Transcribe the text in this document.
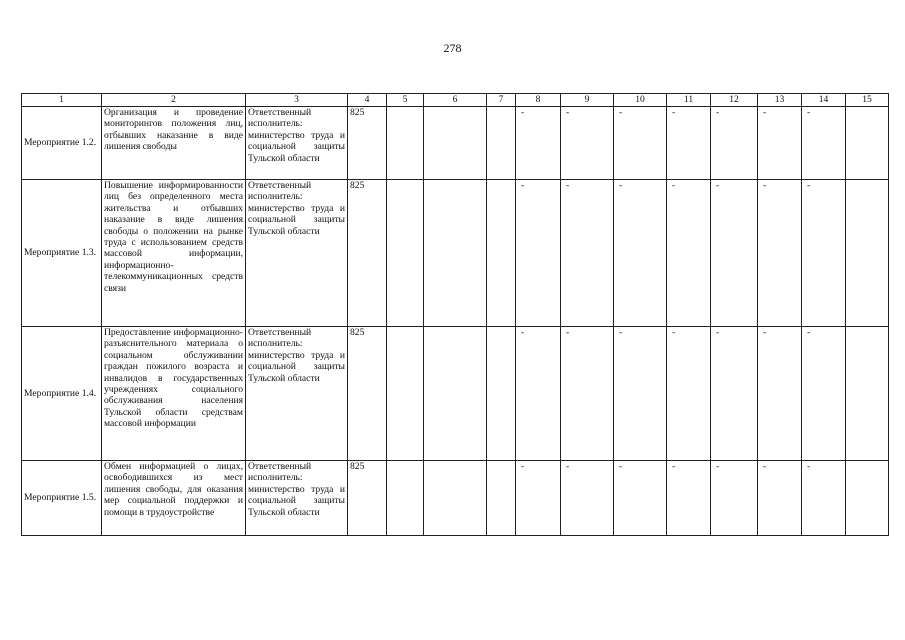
278
1	2	3	4	5	6	7	8	9	10	11	12	13	14	15
Мероприятие 1.2.	Организация и проведение мониторингов положения лиц, отбывших наказание в виде лишения свободы	Ответственный исполнитель: министерство труда и социальной защиты Тульской области	825				-	-	-	-	-	-	-	
Мероприятие 1.3.	Повышение информированности лиц без определенного места жительства и отбывших наказание в виде лишения свободы о положении на рынке труда с использованием средств массовой информации, информационно-телекоммуникационных средств связи	Ответственный исполнитель: министерство труда и социальной защиты Тульской области	825				-	-	-	-	-	-	-	
Мероприятие 1.4.	Предоставление информационно-разъяснительного материала о социальном обслуживании граждан пожилого возраста и инвалидов в государственных учреждениях социального обслуживания населения Тульской области средствам массовой информации	Ответственный исполнитель: министерство труда и социальной защиты Тульской области	825				-	-	-	-	-	-	-	
Мероприятие 1.5.	Обмен информацией о лицах, освободившихся из мест лишения свободы, для оказания мер социальной поддержки и помощи в трудоустройстве	Ответственный исполнитель: министерство труда и социальной защиты Тульской области	825				-	-	-	-	-	-	-	
